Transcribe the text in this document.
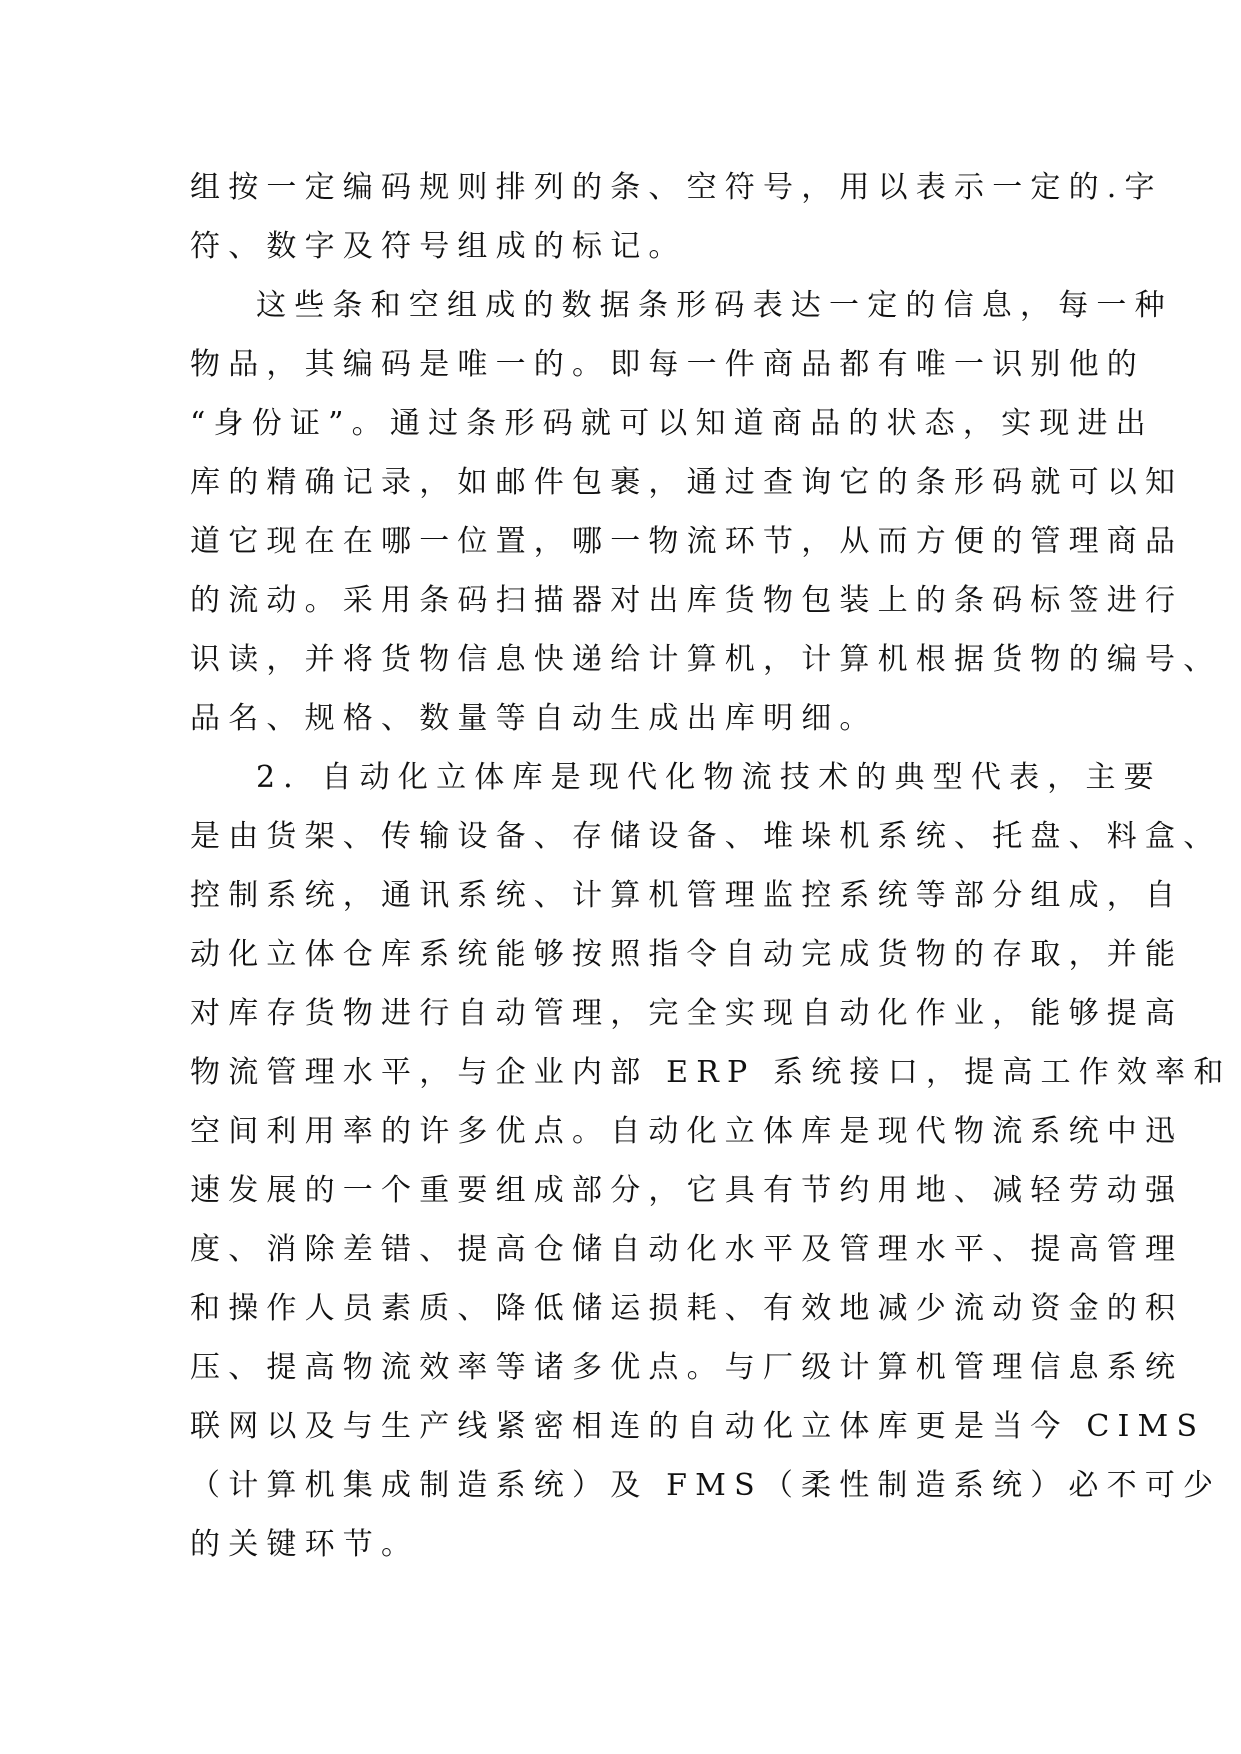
组按一定编码规则排列的条、空符号，用以表示一定的.字
符、数字及符号组成的标记。
这些条和空组成的数据条形码表达一定的信息，每一种
物品，其编码是唯一的。即每一件商品都有唯一识别他的
“身份证”。通过条形码就可以知道商品的状态，实现进出
库的精确记录，如邮件包裹，通过查询它的条形码就可以知
道它现在在哪一位置，哪一物流环节，从而方便的管理商品
的流动。采用条码扫描器对出库货物包装上的条码标签进行
识读，并将货物信息快递给计算机，计算机根据货物的编号、
品名、规格、数量等自动生成出库明细。
2．自动化立体库是现代化物流技术的典型代表，主要
是由货架、传输设备、存储设备、堆垛机系统、托盘、料盒、
控制系统，通讯系统、计算机管理监控系统等部分组成，自
动化立体仓库系统能够按照指令自动完成货物的存取，并能
对库存货物进行自动管理，完全实现自动化作业，能够提高
物流管理水平，与企业内部 ERP 系统接口，提高工作效率和
空间利用率的许多优点。自动化立体库是现代物流系统中迅
速发展的一个重要组成部分，它具有节约用地、减轻劳动强
度、消除差错、提高仓储自动化水平及管理水平、提高管理
和操作人员素质、降低储运损耗、有效地减少流动资金的积
压、提高物流效率等诸多优点。与厂级计算机管理信息系统
联网以及与生产线紧密相连的自动化立体库更是当今 CIMS
（计算机集成制造系统）及 FMS（柔性制造系统）必不可少
的关键环节。
